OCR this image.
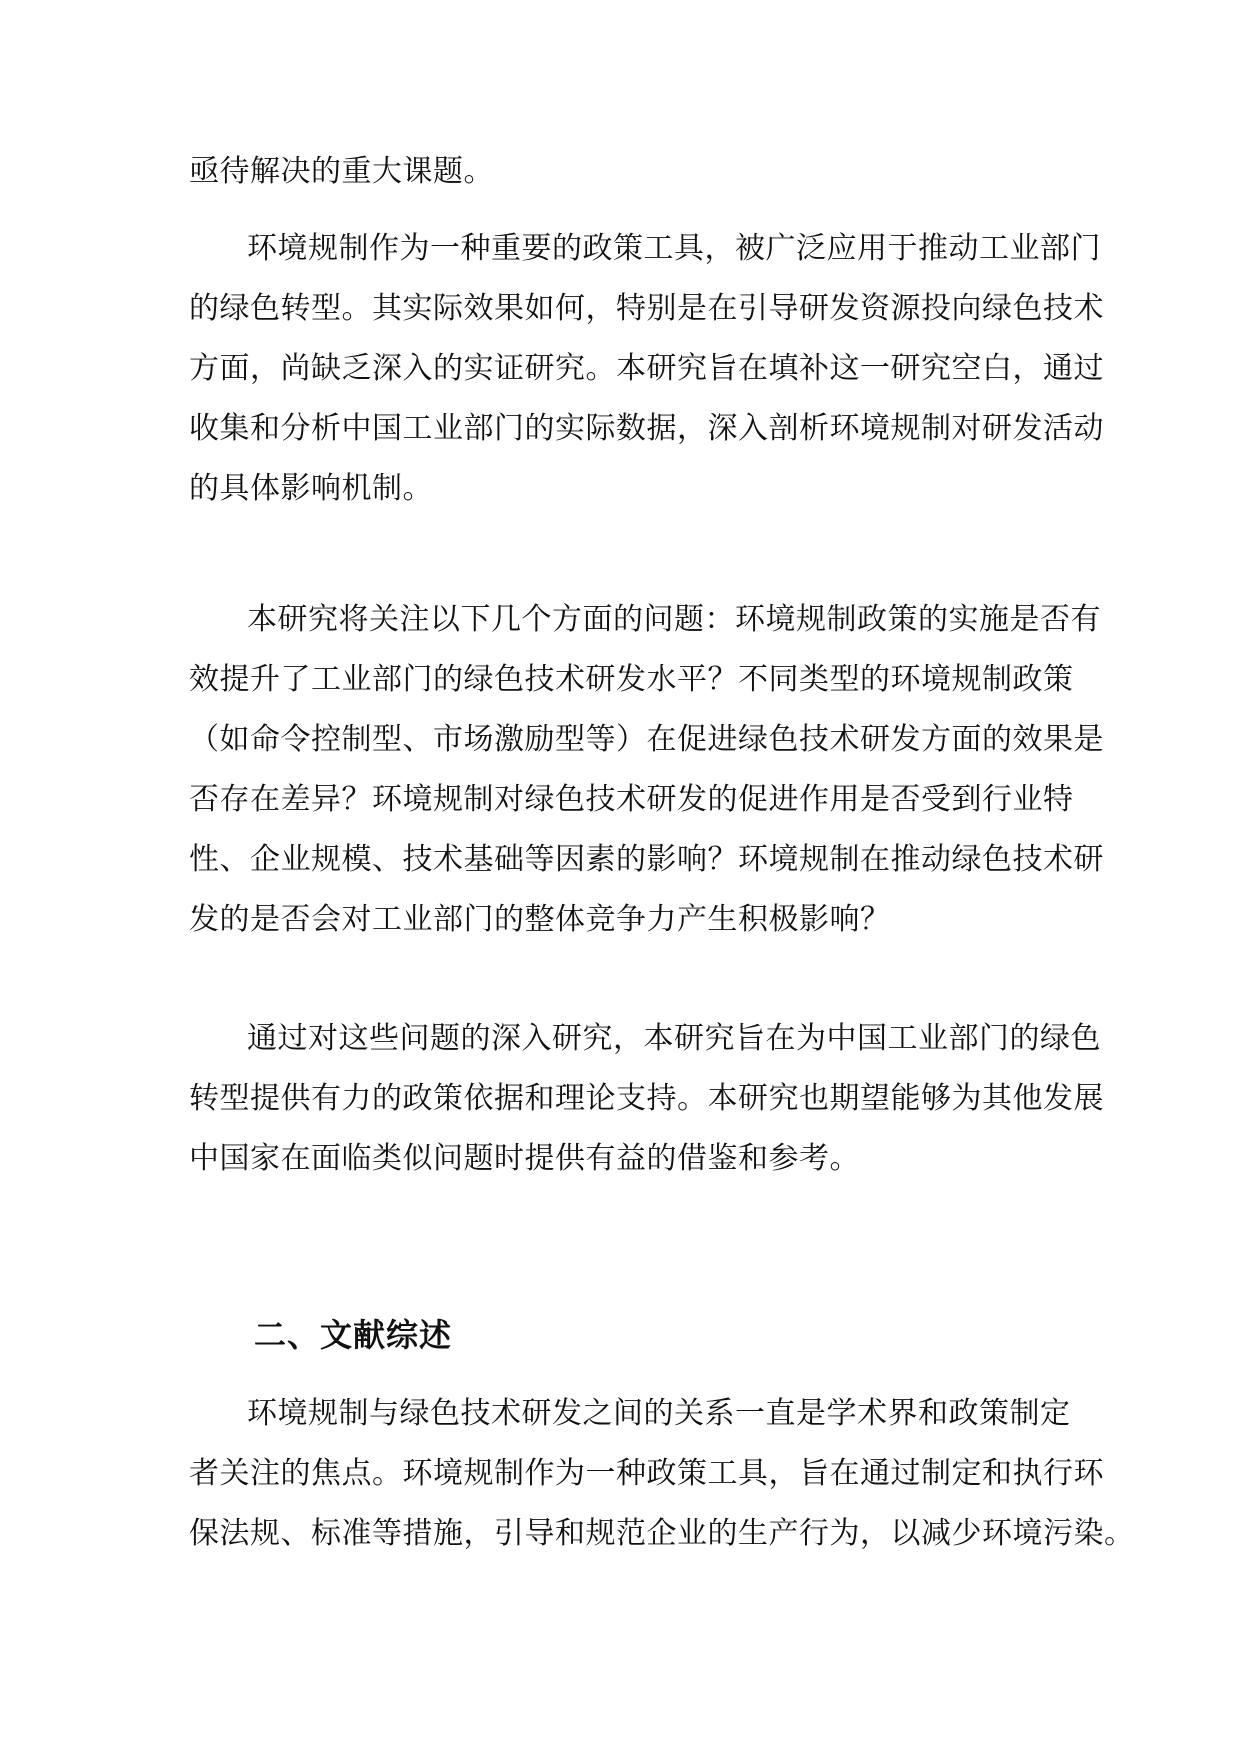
亟待解决的重大课题。
环境规制作为一种重要的政策工具，被广泛应用于推动工业部门
的绿色转型。其实际效果如何，特别是在引导研发资源投向绿色技术
方面，尚缺乏深入的实证研究。本研究旨在填补这一研究空白，通过
收集和分析中国工业部门的实际数据，深入剖析环境规制对研发活动
的具体影响机制。
本研究将关注以下几个方面的问题：环境规制政策的实施是否有
效提升了工业部门的绿色技术研发水平？不同类型的环境规制政策
（如命令控制型、市场激励型等）在促进绿色技术研发方面的效果是
否存在差异？环境规制对绿色技术研发的促进作用是否受到行业特
性、企业规模、技术基础等因素的影响？环境规制在推动绿色技术研
发的是否会对工业部门的整体竞争力产生积极影响？
通过对这些问题的深入研究，本研究旨在为中国工业部门的绿色
转型提供有力的政策依据和理论支持。本研究也期望能够为其他发展
中国家在面临类似问题时提供有益的借鉴和参考。
二、文献综述
环境规制与绿色技术研发之间的关系一直是学术界和政策制定
者关注的焦点。环境规制作为一种政策工具，旨在通过制定和执行环
保法规、标准等措施，引导和规范企业的生产行为，以减少环境污染。
